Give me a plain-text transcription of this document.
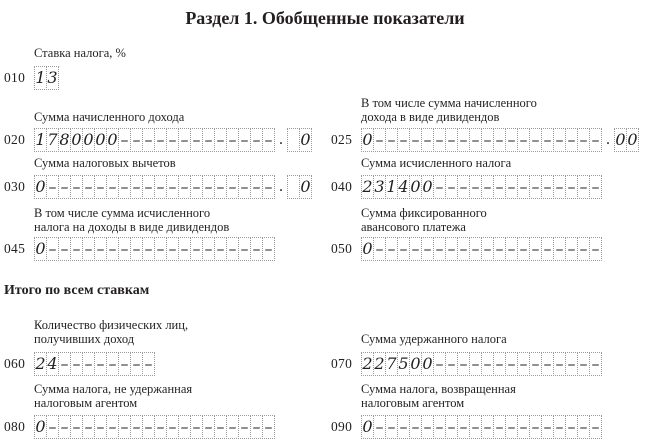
Раздел 1. Обобщенные показатели
Итого по всем ставкам
Ставка налога, %
010 1 3
Сумма начисленного дохода
020 1 7 8 0 0 0 0 – – – – – – – – – – – – – . 0
В том числе сумма начисленного
дохода в виде дивидендов
025 0 – – – – – – – – – – – – – – – – – – – . 0 0
Сумма налоговых вычетов
030 0 – – – – – – – – – – – – – – – – – – – . 0
Сумма исчисленного налога
040 2 3 1 4 0 0 – – – – – – – – – – – – – –
В том числе сумма исчисленного
налога на доходы в виде дивидендов
045 0 – – – – – – – – – – – – – – – – – – –
Сумма фиксированного
авансового платежа
050 0 – – – – – – – – – – – – – – – – – – –
Количество физических лиц,
получивших доход
060 2 4 – – – – – – – –
Сумма удержанного налога
070 2 2 7 5 0 0 – – – – – – – – – – – – – –
Сумма налога, не удержанная
налоговым агентом
080 0 – – – – – – – – – – – – – – – – – – –
Сумма налога, возвращенная
налоговым агентом
090 0 – – – – – – – – – – – – – – – – – – –
